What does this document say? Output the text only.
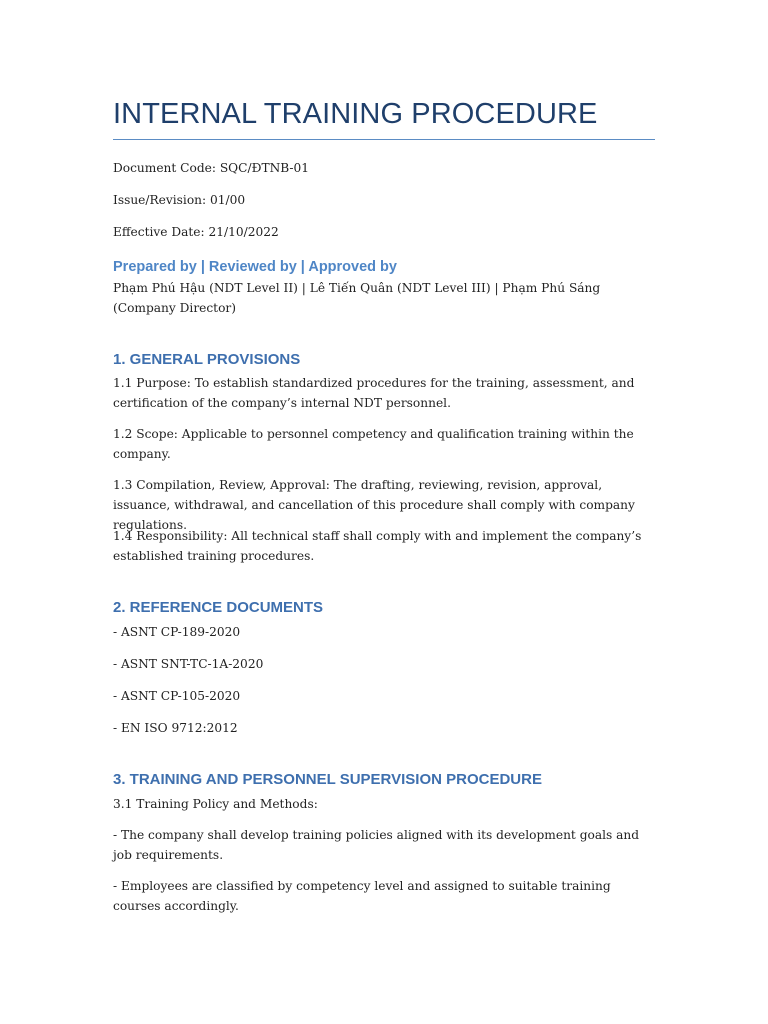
INTERNAL TRAINING PROCEDURE

Document Code: SQC/ĐTNB-01

Issue/Revision: 01/00

Effective Date: 21/10/2022

Prepared by | Reviewed by | Approved by

Phạm Phú Hậu (NDT Level II) | Lê Tiến Quân (NDT Level III) | Phạm Phú Sáng (Company Director)

1. GENERAL PROVISIONS

1.1 Purpose: To establish standardized procedures for the training, assessment, and certification of the company’s internal NDT personnel.

1.2 Scope: Applicable to personnel competency and qualification training within the company.

1.3 Compilation, Review, Approval: The drafting, reviewing, revision, approval, issuance, withdrawal, and cancellation of this procedure shall comply with company regulations.

1.4 Responsibility: All technical staff shall comply with and implement the company’s established training procedures.

2. REFERENCE DOCUMENTS

- ASNT CP-189-2020

- ASNT SNT-TC-1A-2020

- ASNT CP-105-2020

- EN ISO 9712:2012

3. TRAINING AND PERSONNEL SUPERVISION PROCEDURE

3.1 Training Policy and Methods:

- The company shall develop training policies aligned with its development goals and job requirements.

- Employees are classified by competency level and assigned to suitable training courses accordingly.
